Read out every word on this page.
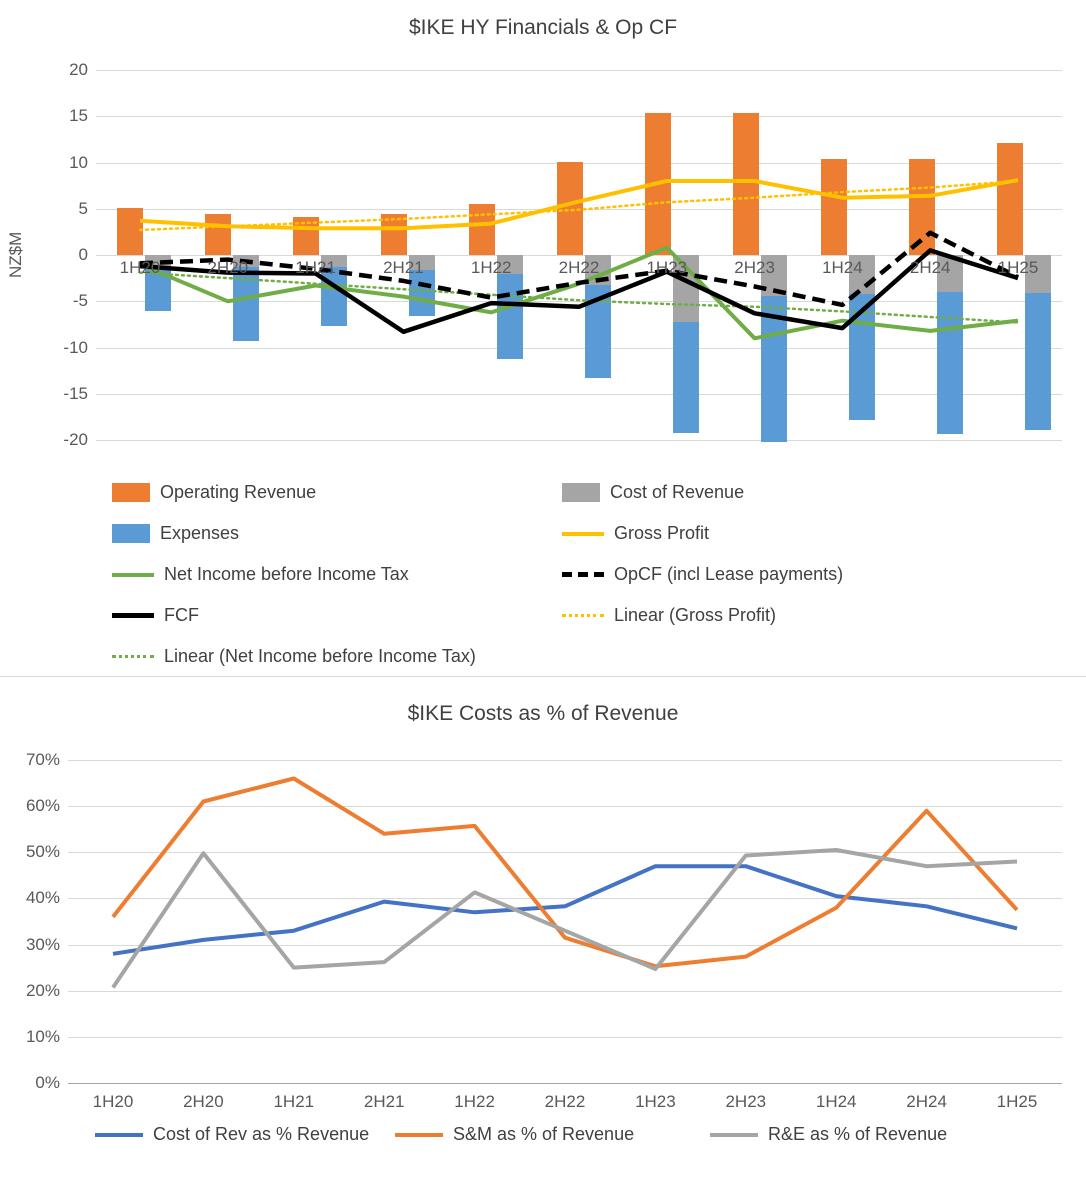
$IKE HY Financials & Op CF
NZ$M
20
15
10
5
0
-5
-10
-15
-20
1H20	2H20	1H21	2H21	1H22	2H22	1H23	2H23	1H24	2H24	1H25
Operating Revenue	Cost of Revenue
Expenses	Gross Profit
Net Income before Income Tax	OpCF (incl Lease payments)
FCF	Linear (Gross Profit)
Linear (Net Income before Income Tax)
$IKE Costs as % of Revenue
70%
60%
50%
40%
30%
20%
10%
0%
1H20	2H20	1H21	2H21	1H22	2H22	1H23	2H23	1H24	2H24	1H25
Cost of Rev as % Revenue	S&M as % of Revenue	R&E as % of Revenue
